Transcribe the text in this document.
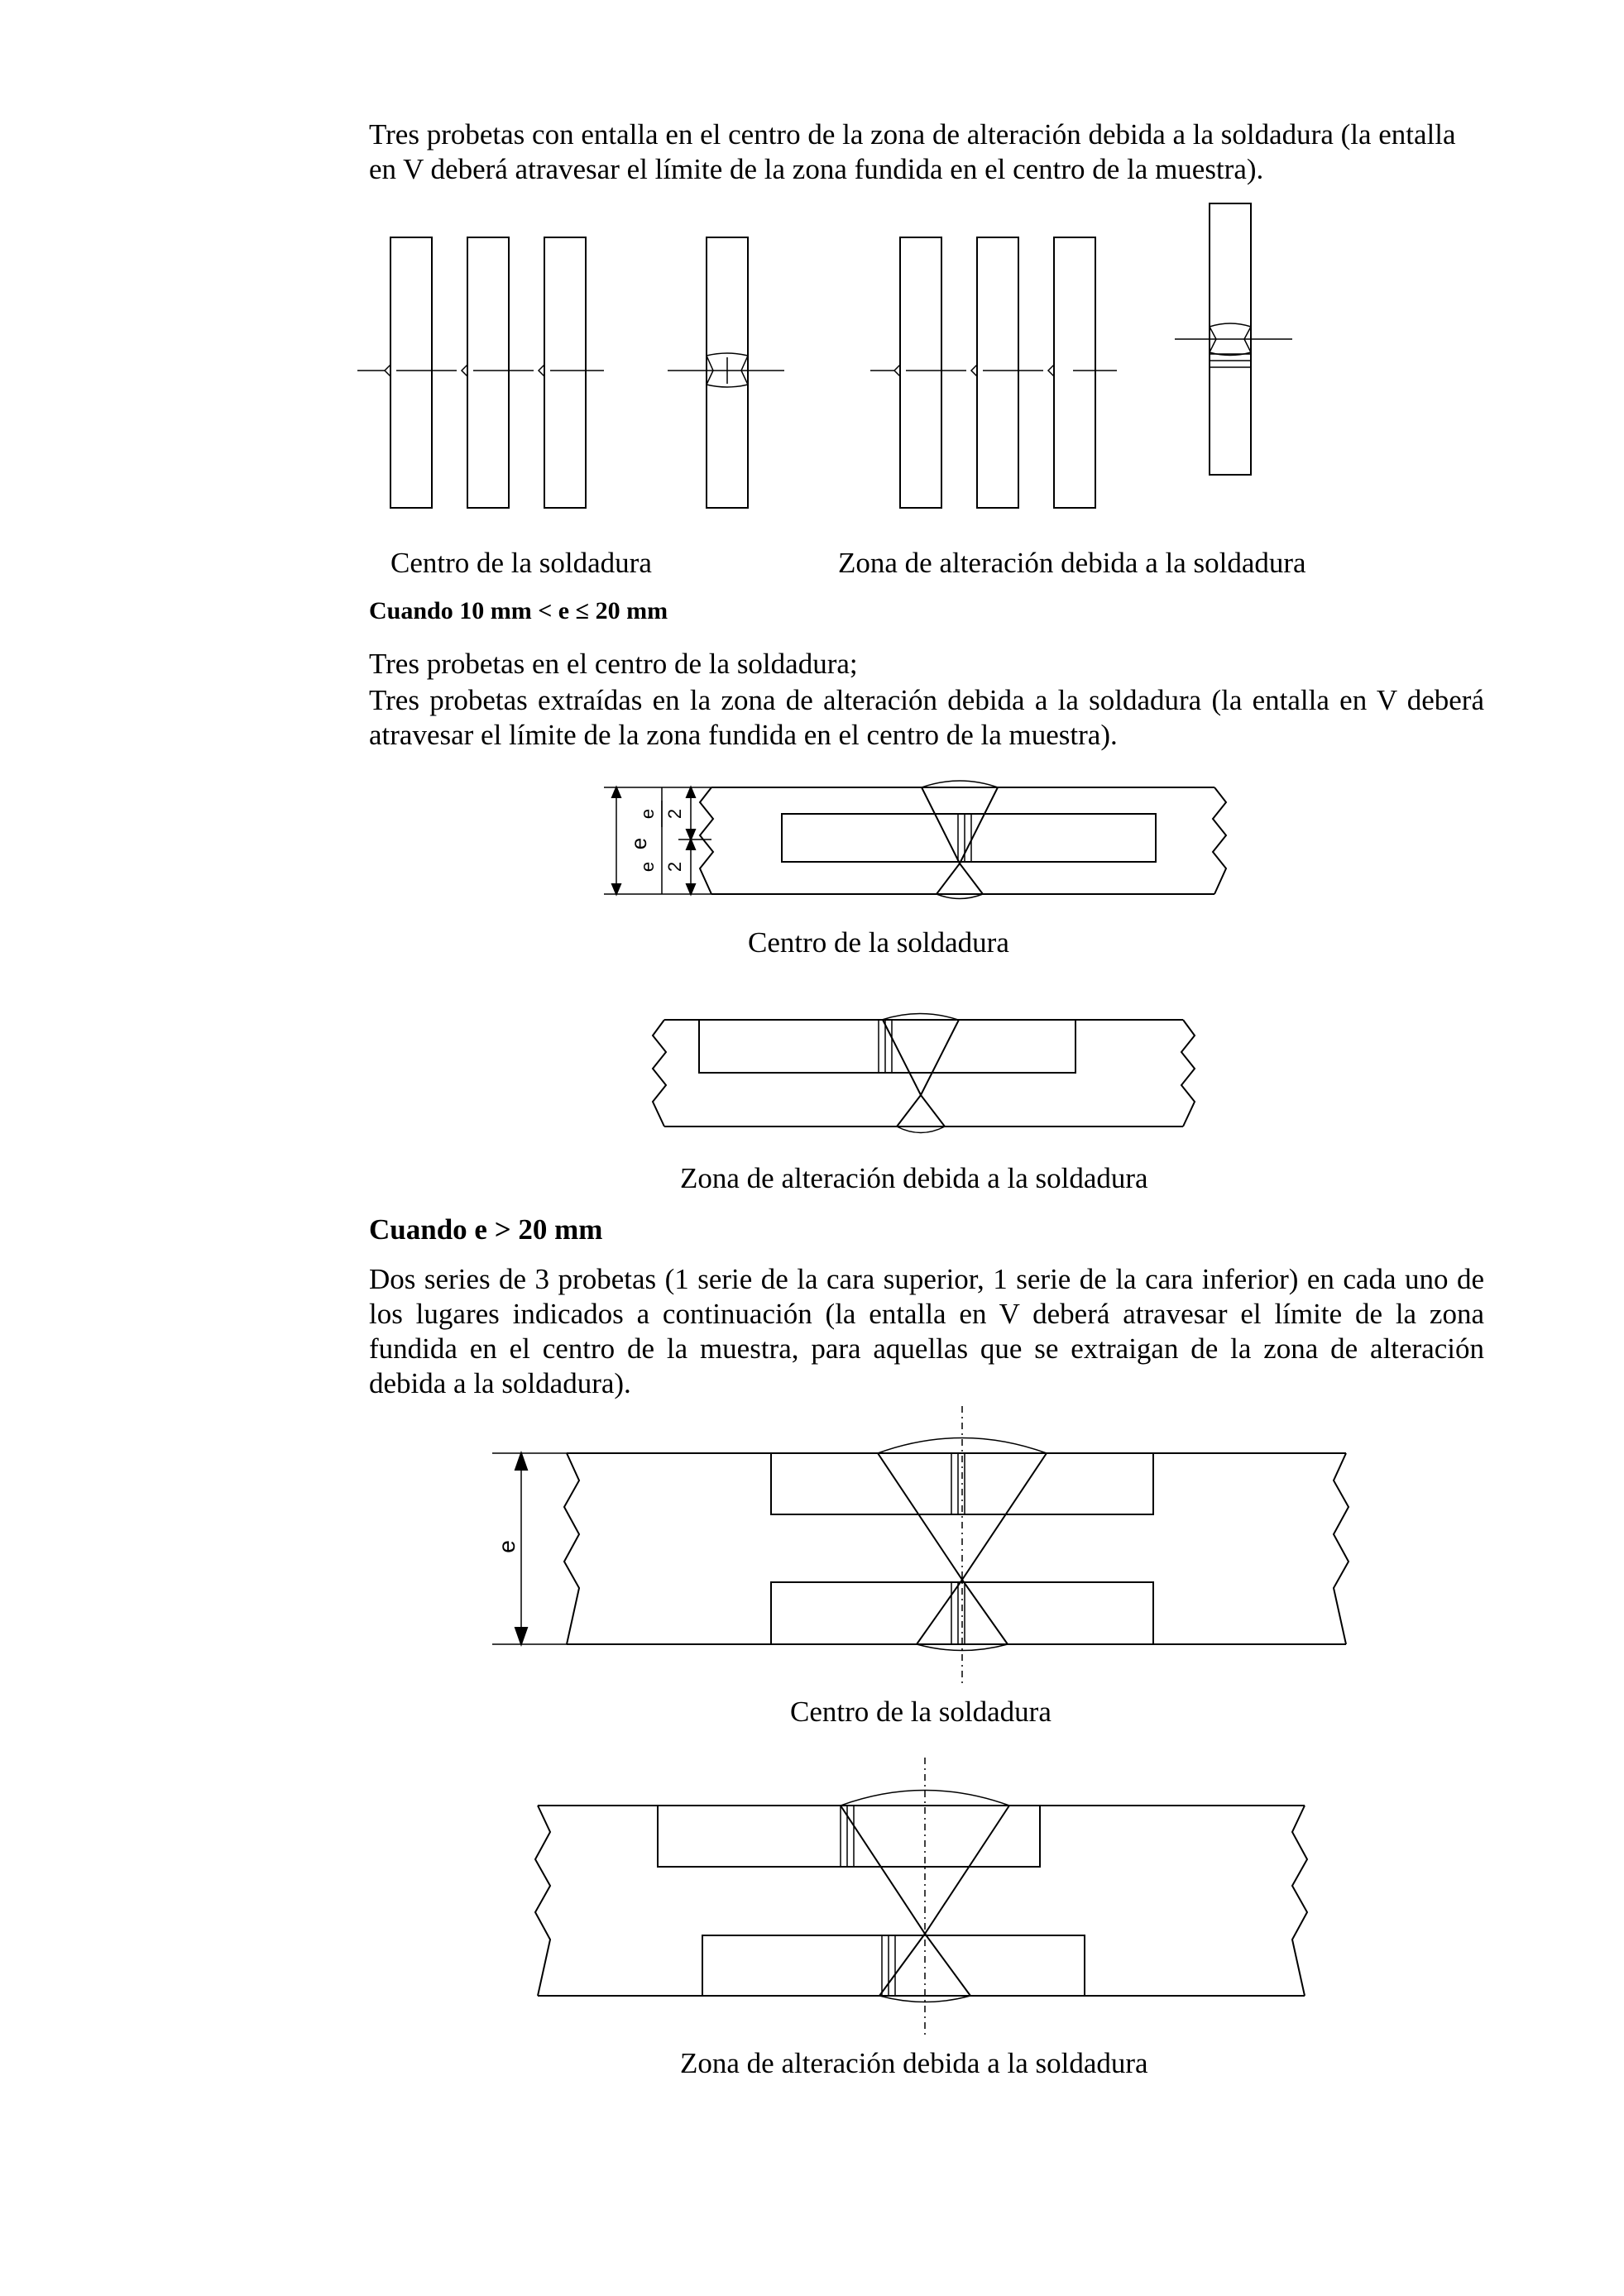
Tres probetas con entalla en el centro de la zona de alteración debida a la soldadura (la entalla en V deberá atravesar el límite de la zona fundida en el centro de la muestra).

Centro de la soldadura	Zona de alteración debida a la soldadura

Cuando 10 mm < e ≤ 20 mm

Tres probetas en el centro de la soldadura;

Tres probetas extraídas en la zona de alteración debida a la soldadura (la entalla en V deberá atravesar el límite de la zona fundida en el centro de la muestra).

e
e 2
e 2

Centro de la soldadura

Zona de alteración debida a la soldadura

Cuando e > 20 mm

Dos series de 3 probetas (1 serie de la cara superior, 1 serie de la cara inferior) en cada uno de los lugares indicados a continuación (la entalla en V deberá atravesar el límite de la zona fundida en el centro de la muestra, para aquellas que se extraigan de la zona de alteración debida a la soldadura).

e

Centro de la soldadura

Zona de alteración debida a la soldadura
